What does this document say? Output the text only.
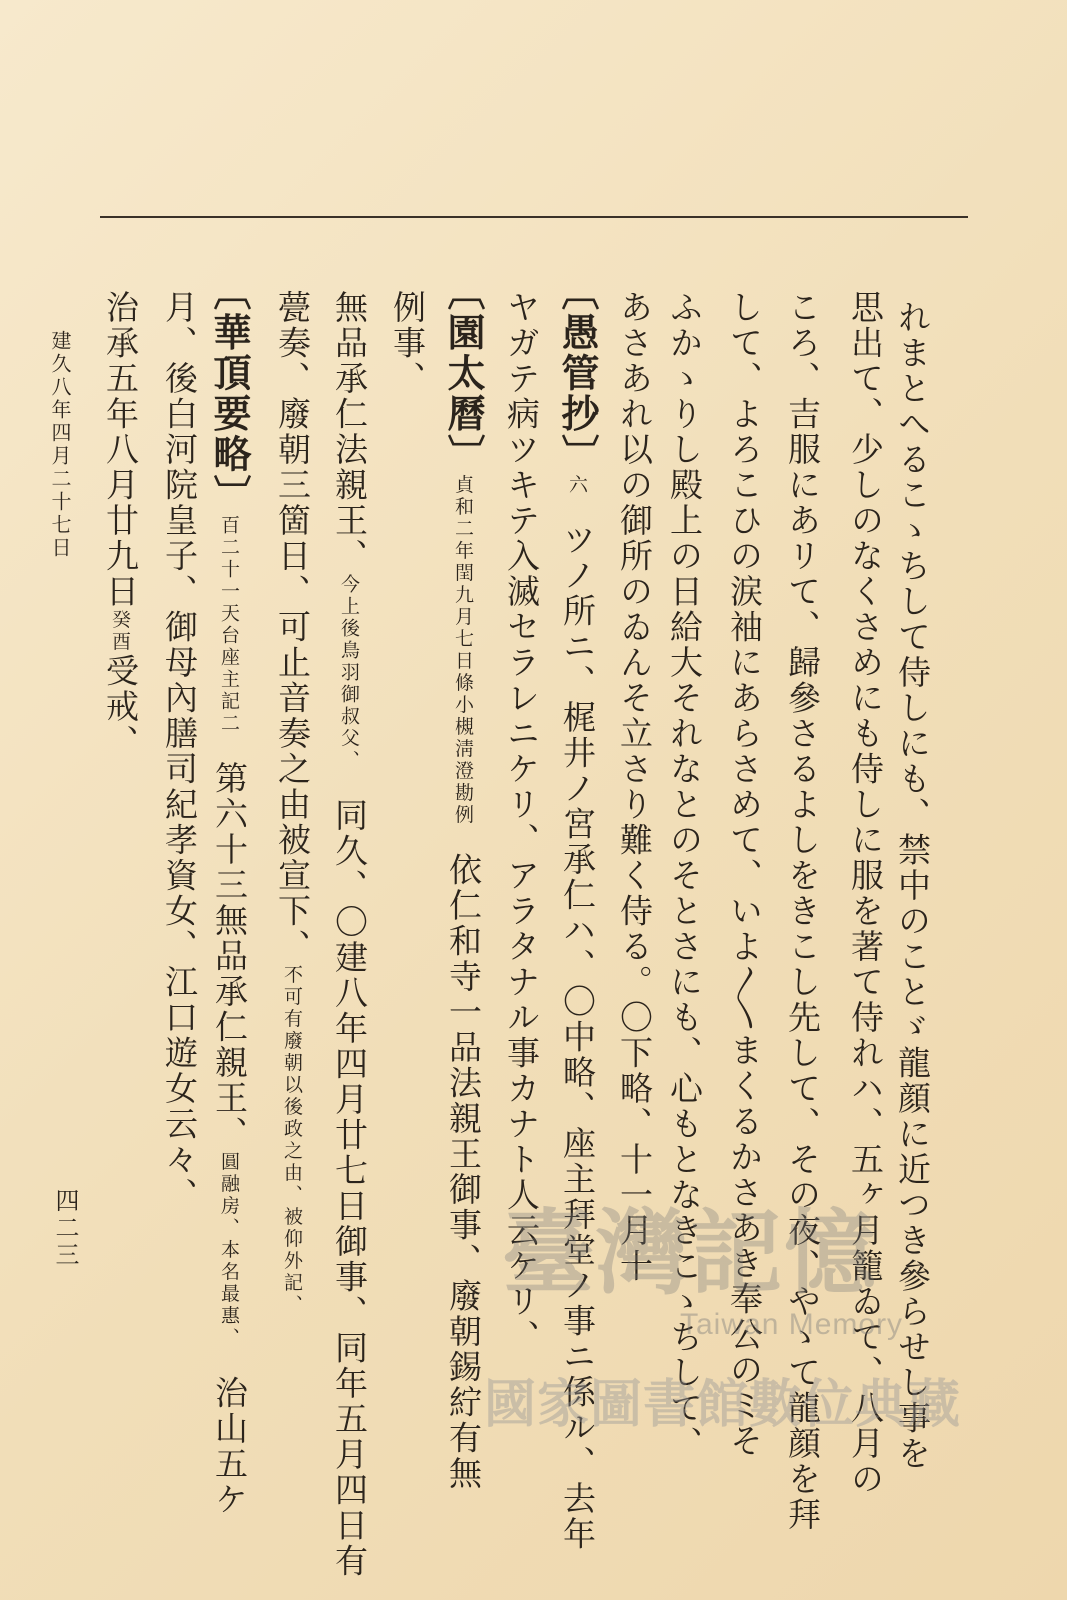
れまとへるこゝちして侍しにも、禁中のことゞ龍顔に近つき參らせし事を
思出て、少しのなくさめにも侍しに服を著て侍れハ、五ヶ月籠ゐて、八月の
ころ、吉服にあリて、歸參さるよしをきこし先して、その夜、やゝて龍顔を拜
して、よろこひの涙袖にあらさめて、いよ〳〵まくるかさあき奉公のミそ
ふかゝりし殿上の日給大それなとのそとさにも、心もとなきこゝちして、
あさあれ以の御所のゐんそ立さり難く侍る。〇下略、十一月十
〔愚管抄〕六ツノ所ニ、梶井ノ宮承仁ハ、〇中略、座主拜堂ノ事ニ係ル、去年
ヤガテ病ツキテ入滅セラレニケリ、アラタナル事カナト人云ケリ、
〔園太曆〕貞和二年閏九月七日條小槻淸澄勘例依仁和寺一品法親王御事、廢朝錫紵有無
例事、
無品承仁法親王、今上後鳥羽御叔父、同久、〇建八年四月廿七日御事、同年五月四日有
甍奏、廢朝三箇日、可止音奏之由被宣下、不可有廢朝以後政之由、被仰外記、
〔華頂要略〕百二十一天台座主記二第六十三無品承仁親王、圓融房、本名最惠、治山五ケ
月、後白河院皇子、御母內膳司紀孝資女、江口遊女云々、
治承五年八月廿九日癸酉受戒、
建久八年四月二十七日
四二三	臺灣記憶
Taiwan Memory
國家圖書館數位典藏
